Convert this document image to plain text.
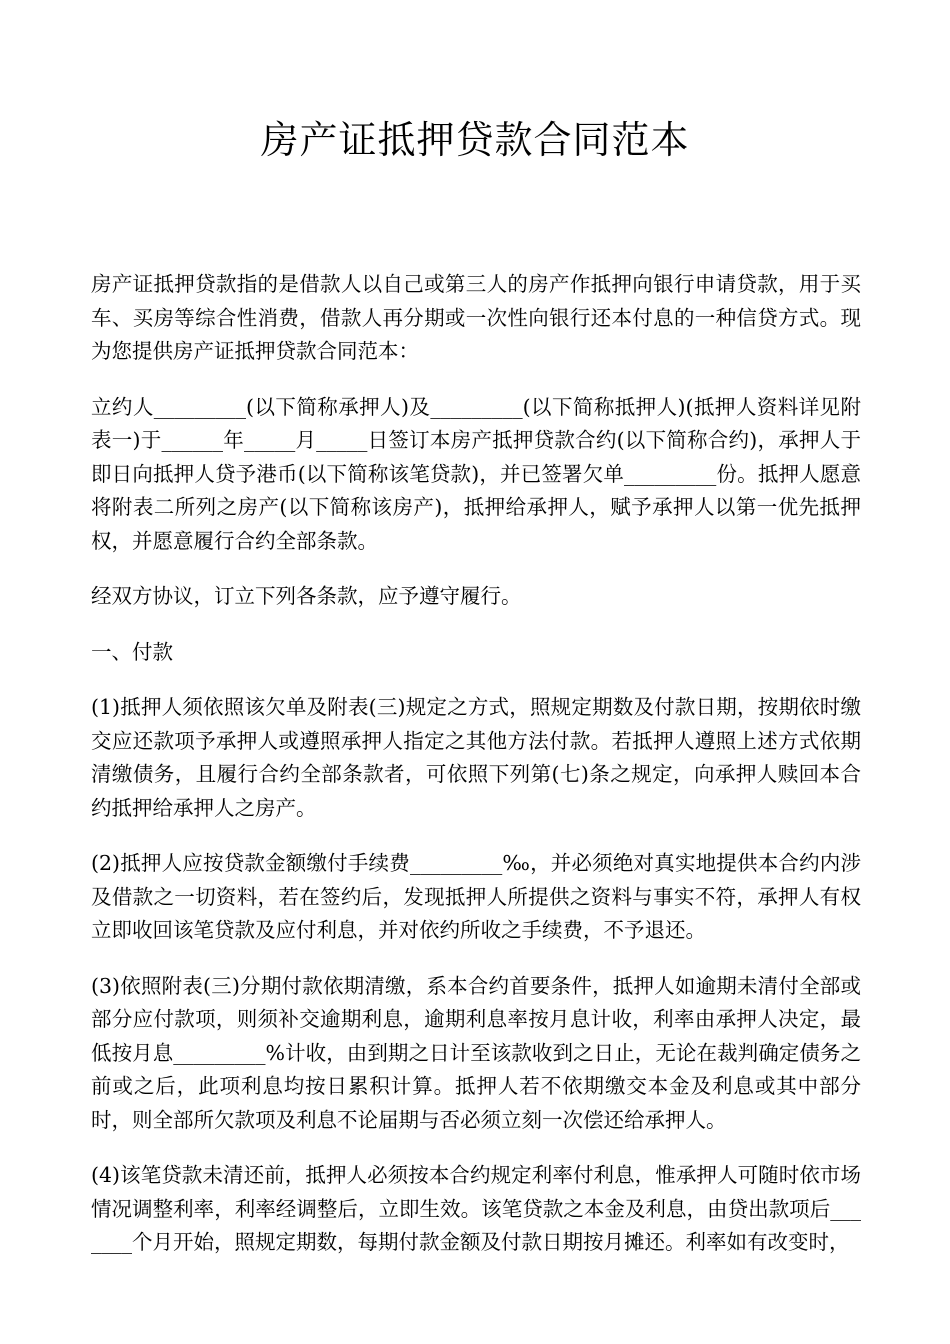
房产证抵押贷款合同范本

房产证抵押贷款指的是借款人以自己或第三人的房产作抵押向银行申请贷款，用于买车、买房等综合性消费，借款人再分期或一次性向银行还本付息的一种信贷方式。现为您提供房产证抵押贷款合同范本：

立约人_________(以下简称承押人)及_________(以下简称抵押人)(抵押人资料详见附表一)于______年_____月_____日签订本房产抵押贷款合约(以下简称合约)，承押人于即日向抵押人贷予港币(以下简称该笔贷款)，并已签署欠单_________份。抵押人愿意将附表二所列之房产(以下简称该房产)，抵押给承押人，赋予承押人以第一优先抵押权，并愿意履行合约全部条款。

经双方协议，订立下列各条款，应予遵守履行。

一、付款

(1)抵押人须依照该欠单及附表(三)规定之方式，照规定期数及付款日期，按期依时缴交应还款项予承押人或遵照承押人指定之其他方法付款。若抵押人遵照上述方式依期清缴债务，且履行合约全部条款者，可依照下列第(七)条之规定，向承押人赎回本合约抵押给承押人之房产。

(2)抵押人应按贷款金额缴付手续费_________‰，并必须绝对真实地提供本合约内涉及借款之一切资料，若在签约后，发现抵押人所提供之资料与事实不符，承押人有权立即收回该笔贷款及应付利息，并对依约所收之手续费，不予退还。

(3)依照附表(三)分期付款依期清缴，系本合约首要条件，抵押人如逾期未清付全部或部分应付款项，则须补交逾期利息，逾期利息率按月息计收，利率由承押人决定，最低按月息_________%计收，由到期之日计至该款收到之日止，无论在裁判确定债务之前或之后，此项利息均按日累积计算。抵押人若不依期缴交本金及利息或其中部分时，则全部所欠款项及利息不论届期与否必须立刻一次偿还给承押人。

(4)该笔贷款未清还前，抵押人必须按本合约规定利率付利息，惟承押人可随时依市场情况调整利率，利率经调整后，立即生效。该笔贷款之本金及利息，由贷出款项后_______个月开始，照规定期数，每期付款金额及付款日期按月摊还。利率如有改变时，
